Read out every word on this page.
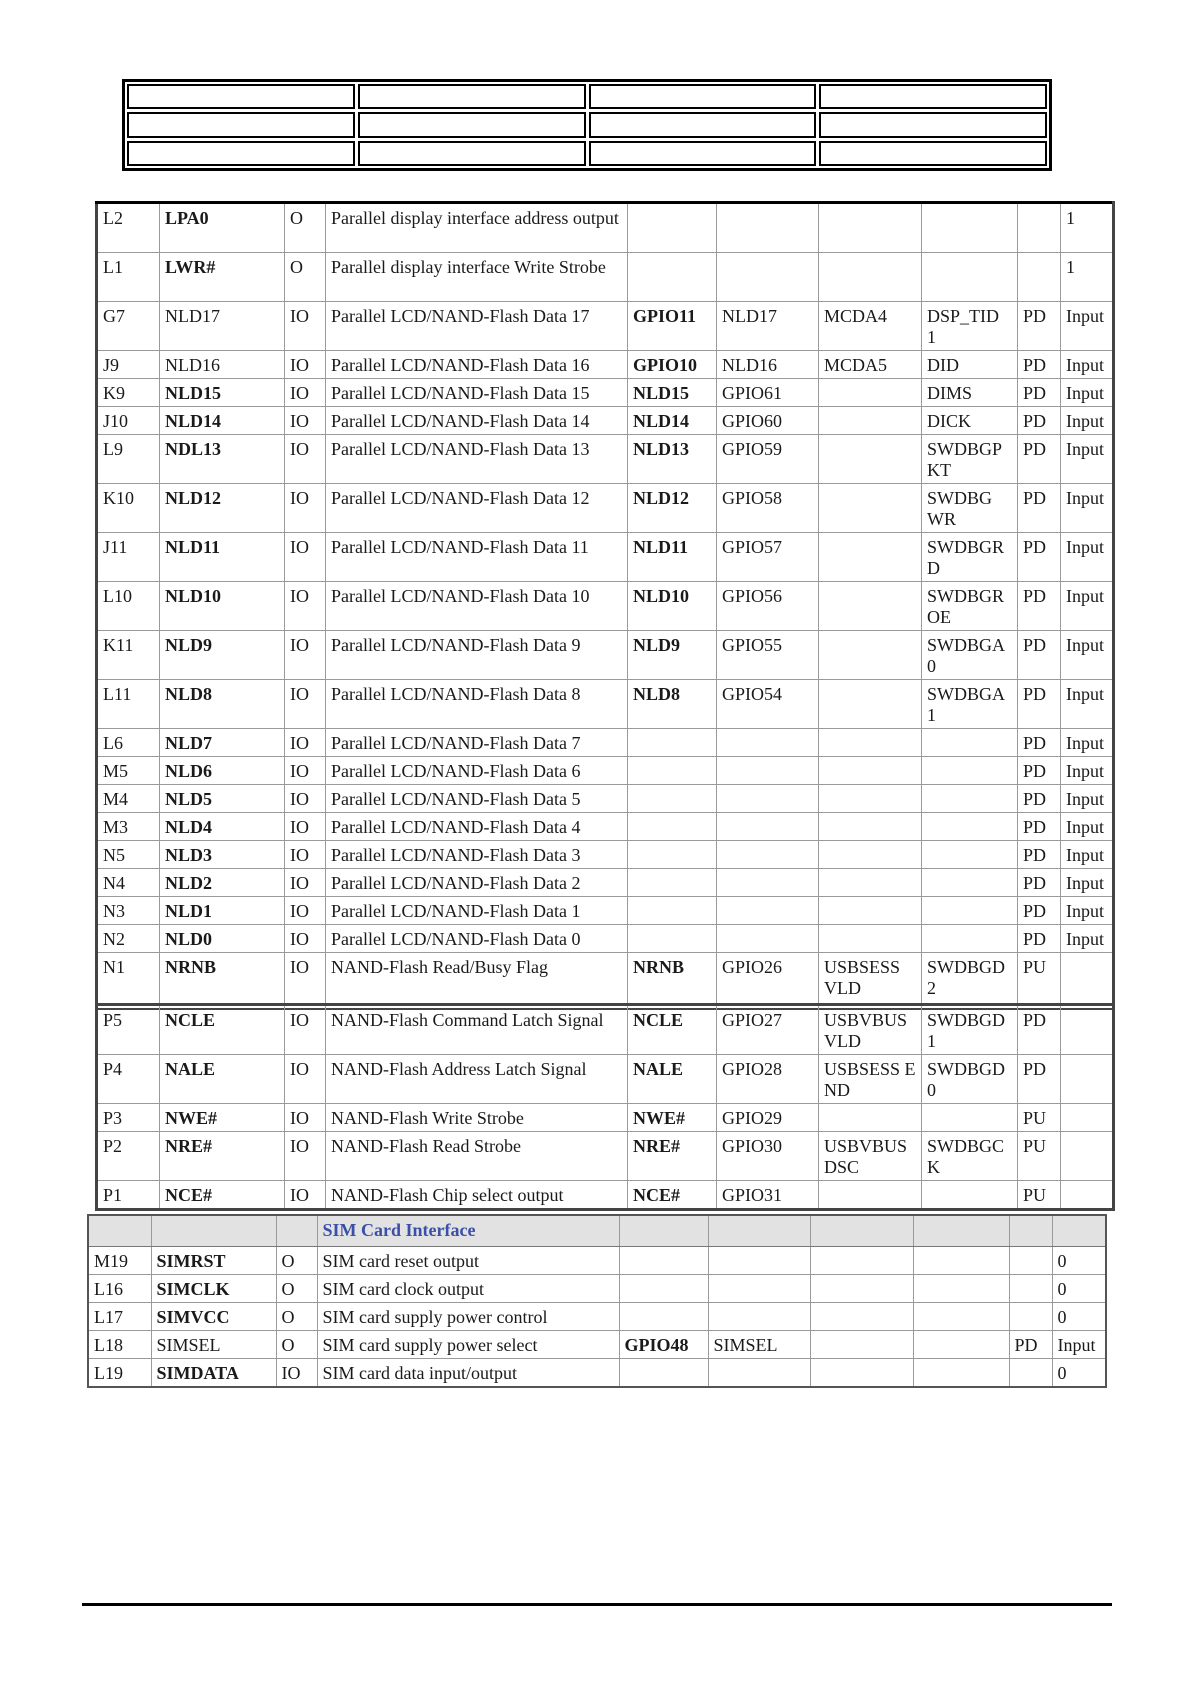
L2	LPA0	O	Parallel display interface address output						1
L1	LWR#	O	Parallel display interface Write Strobe						1
G7	NLD17	IO	Parallel LCD/NAND-Flash Data 17	GPIO11	NLD17	MCDA4	DSP_TID 1	PD	Input
J9	NLD16	IO	Parallel LCD/NAND-Flash Data 16	GPIO10	NLD16	MCDA5	DID	PD	Input
K9	NLD15	IO	Parallel LCD/NAND-Flash Data 15	NLD15	GPIO61		DIMS	PD	Input
J10	NLD14	IO	Parallel LCD/NAND-Flash Data 14	NLD14	GPIO60		DICK	PD	Input
L9	NDL13	IO	Parallel LCD/NAND-Flash Data 13	NLD13	GPIO59		SWDBGP KT	PD	Input
K10	NLD12	IO	Parallel LCD/NAND-Flash Data 12	NLD12	GPIO58		SWDBG WR	PD	Input
J11	NLD11	IO	Parallel LCD/NAND-Flash Data 11	NLD11	GPIO57		SWDBGR D	PD	Input
L10	NLD10	IO	Parallel LCD/NAND-Flash Data 10	NLD10	GPIO56		SWDBGR OE	PD	Input
K11	NLD9	IO	Parallel LCD/NAND-Flash Data 9	NLD9	GPIO55		SWDBGA 0	PD	Input
L11	NLD8	IO	Parallel LCD/NAND-Flash Data 8	NLD8	GPIO54		SWDBGA 1	PD	Input
L6	NLD7	IO	Parallel LCD/NAND-Flash Data 7					PD	Input
M5	NLD6	IO	Parallel LCD/NAND-Flash Data 6					PD	Input
M4	NLD5	IO	Parallel LCD/NAND-Flash Data 5					PD	Input
M3	NLD4	IO	Parallel LCD/NAND-Flash Data 4					PD	Input
N5	NLD3	IO	Parallel LCD/NAND-Flash Data 3					PD	Input
N4	NLD2	IO	Parallel LCD/NAND-Flash Data 2					PD	Input
N3	NLD1	IO	Parallel LCD/NAND-Flash Data 1					PD	Input
N2	NLD0	IO	Parallel LCD/NAND-Flash Data 0					PD	Input
N1	NRNB	IO	NAND-Flash Read/Busy Flag	NRNB	GPIO26	USBSESS VLD	SWDBGD 2	PU	
P5	NCLE	IO	NAND-Flash Command Latch Signal	NCLE	GPIO27	USBVBUS VLD	SWDBGD 1	PD	
P4	NALE	IO	NAND-Flash Address Latch Signal	NALE	GPIO28	USBSESS END	SWDBGD 0	PD	
P3	NWE#	IO	NAND-Flash Write Strobe	NWE#	GPIO29			PU	
P2	NRE#	IO	NAND-Flash Read Strobe	NRE#	GPIO30	USBVBUS DSC	SWDBGC K	PU	
P1	NCE#	IO	NAND-Flash Chip select output	NCE#	GPIO31			PU	
			SIM Card Interface						
M19	SIMRST	O	SIM card reset output						0
L16	SIMCLK	O	SIM card clock output						0
L17	SIMVCC	O	SIM card supply power control						0
L18	SIMSEL	O	SIM card supply power select	GPIO48	SIMSEL			PD	Input
L19	SIMDATA	IO	SIM card data input/output						0
